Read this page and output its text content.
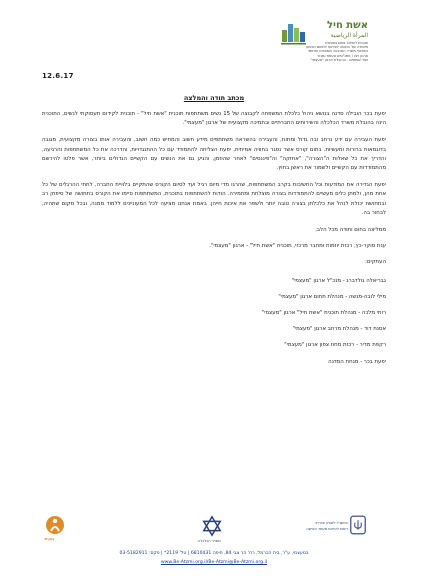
אשת חיל
المرأة الرياضية
תוכנית לשילוב נשים בספורט
מיסודה של הכנסה לפיתוח לתחום ויסנטון
בשיתוף משרד התרבות והספורט ותחומי
ארגון ויצו / מתנ"סים ונעמת ומגזר
ועוד שותפים - בהובלת ארגון "מעצמי"
12.6.17
מכתב תודה והמלצה

יפעת בכר הובילה סדנה בנושא ניהול כלכלת המשפחה לקבוצה של 15 נשים משתתפות תוכנית "אשת חיל" - תוכנית לקידום תעסוקתי לנשים, התוכנית הינה בהובלת משרד הכלכלה והשירותים החברתיים ובתמיכה מקצועית של ארגון "מעצמי".

יפעת העבירה עם ידע נרחב ובה גדול ומתוח, והעבירה בהשראה משתתפים מידע חשוב והמחיש כמה חשוב, והעבירה אותו בצורה מקצועית, מגובה בדוגמאות ברורות ומעשיות. בתום קורס אשר נסגר בחוויה אמיתית, יפעת הצליחה להתמודד עם כל ההתנגדויות, והדרכה את כל המשתתפות והרגיעה, והדריך את כל שאלות ה"הצורה", "אחזקה" וה"פיננסים" לאחר שהוזמן, והגיע גם את הנשים עם הקשיים הגדולים ביותר, אשר פלטו להירשם מהתמודדות עם הקשיים ולשמור את ראשן בחוץ.

יפעת הגדירה את המודעות וכל החשיבות בקרב המשתתפות, שהרגו מדי מיום רגיל ועד לסיום הקורס שהתקיים בלוויית החברה, לתתי ההרגלים של כל אחת מהן, ולמתן כלים מעשיים להתמודדות בצורה מוצלחת ומחמירה. הודות להשתתפות בתוכנית, המשתתפות סיימו את הקורס בתחושה של סיפוק רב ובתחושת יכולת לנהל את כלכלתן בצורה טובה יותר ולשפר את איכות חייהן. באמת אנחנו מציעה לכל המעוניינים ללמוד ממנה, ובכל מקום שתהיה, לבחור בה.

ממליצה בחום ותודה מכל הלב,
ענת סוקר-כץ, רכזת יוזמות ומחבר מרכזי, תוכנית "אשת חיל" - ארגון "מעצמי".
העתקים:
גבריאלה גולדברג - מנכ"ל ארגון "מעצמי"
מילי לובה-מנשה - מנהלת תחום ארגון "מעצמי"
רותי מלכה - מנהלת תוכנית "אשת חיל" ארגון "מעצמי"
אסנת דוד - מנהלת מרחב ארגון "מעצמי"
רקפת מדיר - רכזת מחוז צפון ארגון "מעצמי"
יפעת בכר - מנחת הסדנה
בְּמַעֲשִׂי	משרד הכלכלה
המשרד לשוויון חברתי
רשות לקידום מעמד האישה
במעצמי, ע"ר, בית הכרמל, רח' הר צבי 84, חיפה 6810431 | טל' 2119* | פקס: 03-5182911
www.Be-Atzmi.org.il/Be-Atzmi@Be-Atzmi.org.il
